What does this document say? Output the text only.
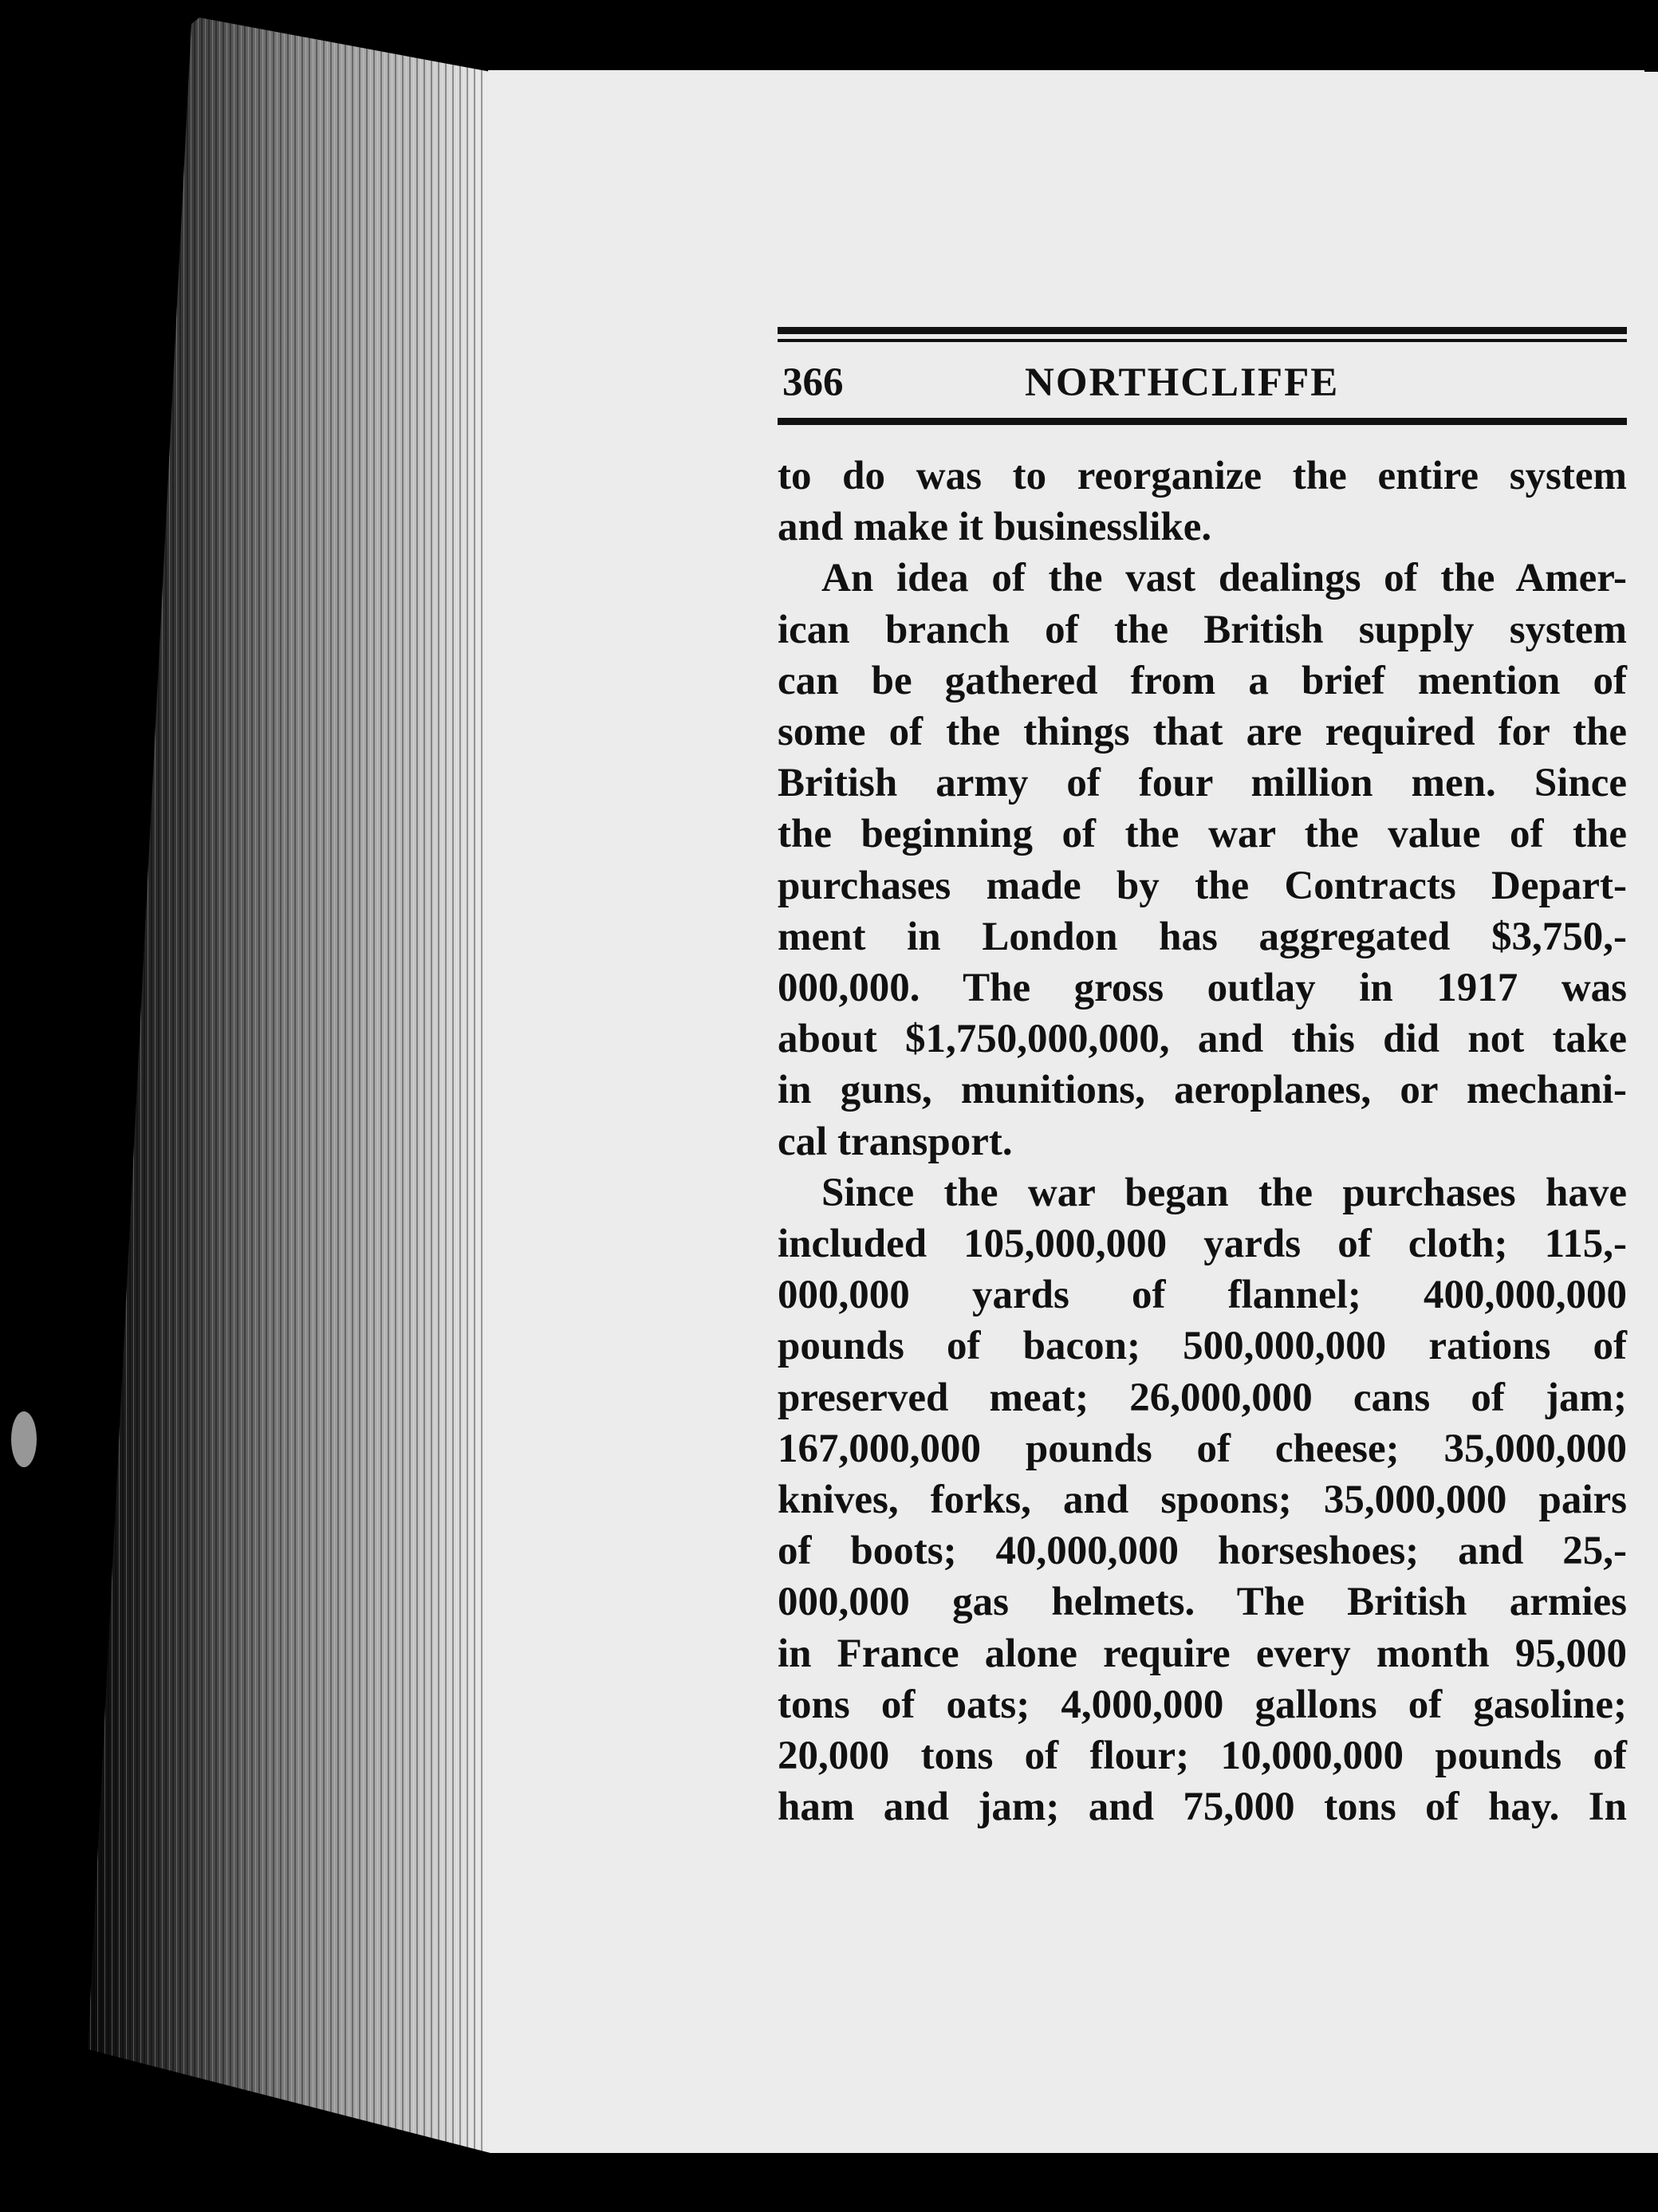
366	NORTHCLIFFE

to do was to reorganize the entire system
and make it businesslike.

An idea of the vast dealings of the Amer-
ican branch of the British supply system
can be gathered from a brief mention of
some of the things that are required for the
British army of four million men. Since
the beginning of the war the value of the
purchases made by the Contracts Depart-
ment in London has aggregated $3,750,-
000,000. The gross outlay in 1917 was
about $1,750,000,000, and this did not take
in guns, munitions, aeroplanes, or mechani-
cal transport.

Since the war began the purchases have
included 105,000,000 yards of cloth; 115,-
000,000 yards of flannel; 400,000,000
pounds of bacon; 500,000,000 rations of
preserved meat; 26,000,000 cans of jam;
167,000,000 pounds of cheese; 35,000,000
knives, forks, and spoons; 35,000,000 pairs
of boots; 40,000,000 horseshoes; and 25,-
000,000 gas helmets. The British armies
in France alone require every month 95,000
tons of oats; 4,000,000 gallons of gasoline;
20,000 tons of flour; 10,000,000 pounds of
ham and jam; and 75,000 tons of hay. In
